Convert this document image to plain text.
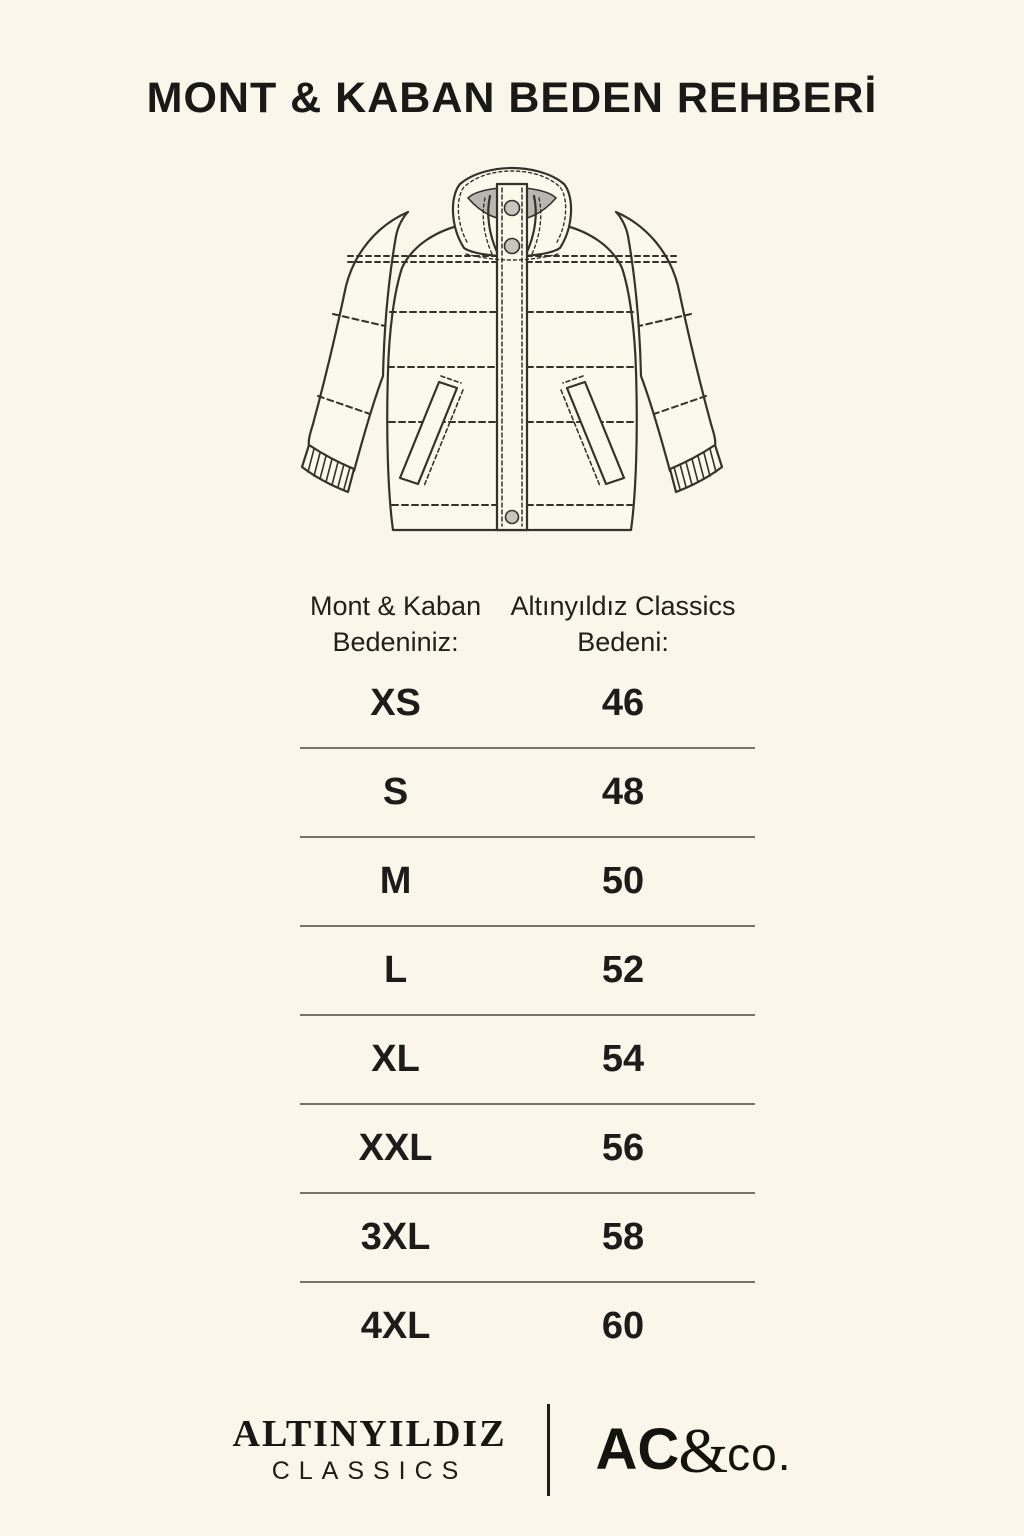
MONT & KABAN BEDEN REHBERİ
Mont & Kaban
Bedeniniz:
Altınyıldız Classics
Bedeni:
XS	46
S	48
M	50
L	52
XL	54
XXL	56
3XL	58
4XL	60
ALTINYILDIZ
CLASSICS	AC & co.
